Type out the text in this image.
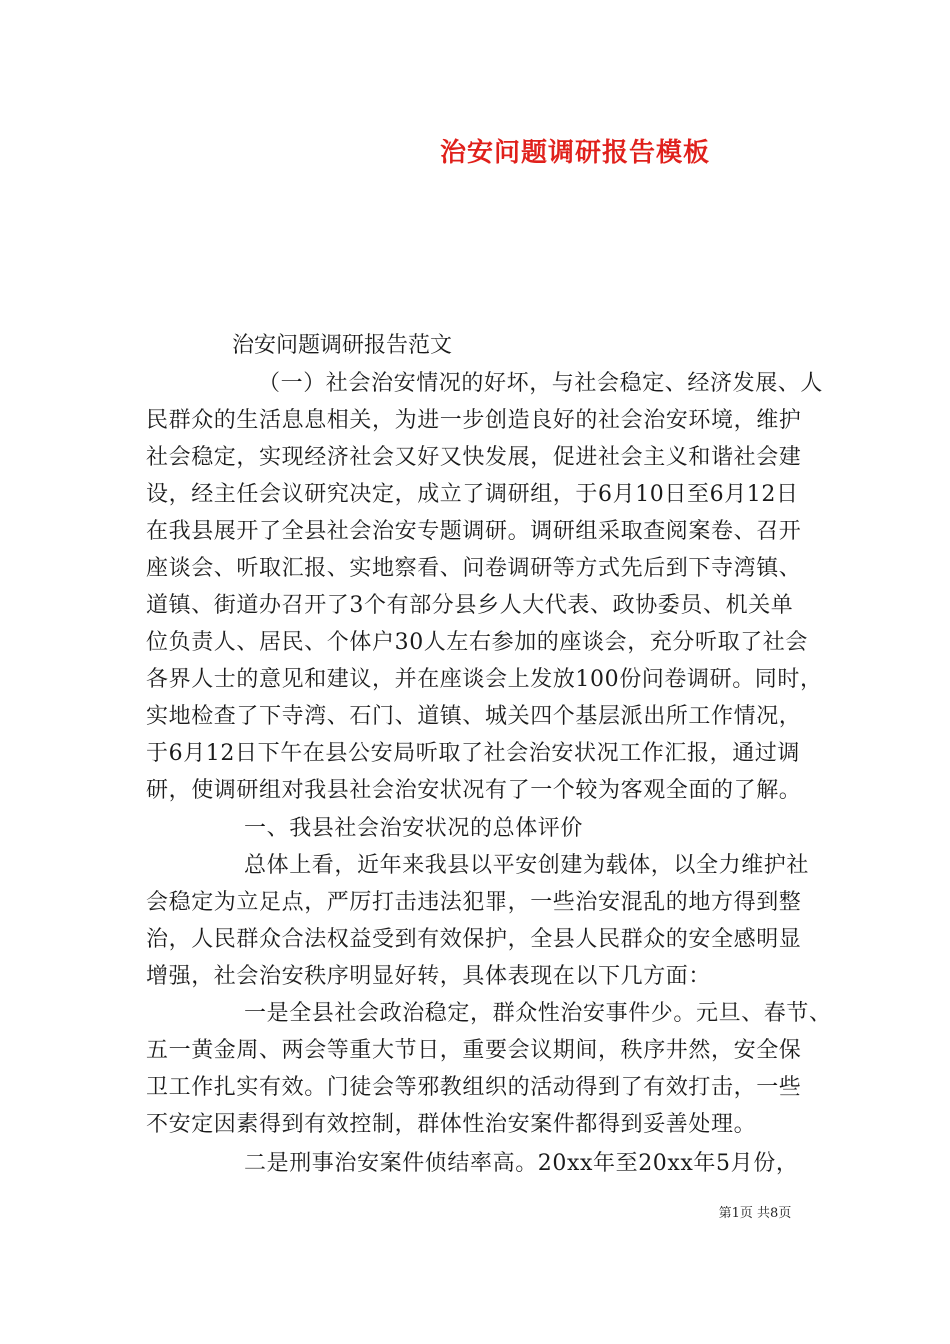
治安问题调研报告模板
治安问题调研报告范文
（一）社会治安情况的好坏，与社会稳定、经济发展、人
民群众的生活息息相关，为进一步创造良好的社会治安环境，维护
社会稳定，实现经济社会又好又快发展，促进社会主义和谐社会建
设，经主任会议研究决定，成立了调研组，于6月10日至6月12日
在我县展开了全县社会治安专题调研。调研组采取查阅案卷、召开
座谈会、听取汇报、实地察看、问卷调研等方式先后到下寺湾镇、
道镇、街道办召开了3个有部分县乡人大代表、政协委员、机关单
位负责人、居民、个体户30人左右参加的座谈会，充分听取了社会
各界人士的意见和建议，并在座谈会上发放100份问卷调研。同时，
实地检查了下寺湾、石门、道镇、城关四个基层派出所工作情况，
于6月12日下午在县公安局听取了社会治安状况工作汇报，通过调
研，使调研组对我县社会治安状况有了一个较为客观全面的了解。
一、我县社会治安状况的总体评价
总体上看，近年来我县以平安创建为载体，以全力维护社
会稳定为立足点，严厉打击违法犯罪，一些治安混乱的地方得到整
治，人民群众合法权益受到有效保护，全县人民群众的安全感明显
增强，社会治安秩序明显好转，具体表现在以下几方面：
一是全县社会政治稳定，群众性治安事件少。元旦、春节、
五一黄金周、两会等重大节日，重要会议期间，秩序井然，安全保
卫工作扎实有效。门徒会等邪教组织的活动得到了有效打击，一些
不安定因素得到有效控制，群体性治安案件都得到妥善处理。
二是刑事治安案件侦结率高。20xx年至20xx年5月份，
第1页 共8页
